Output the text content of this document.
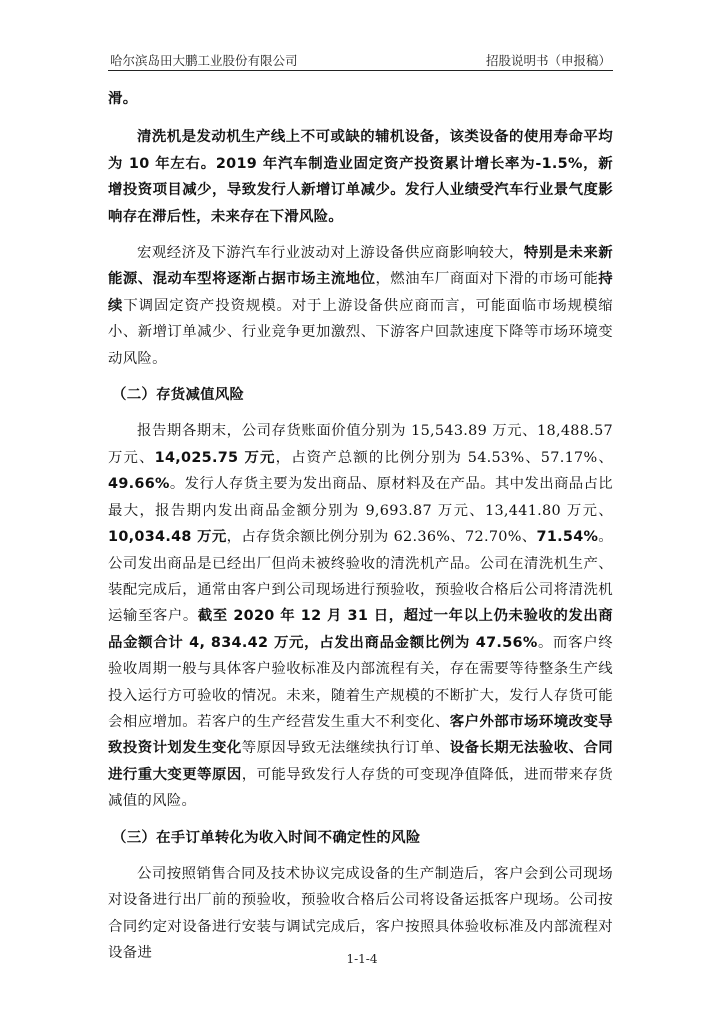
哈尔滨岛田大鹏工业股份有限公司	招股说明书（申报稿）

滑。

清洗机是发动机生产线上不可或缺的辅机设备，该类设备的使用寿命平均为 10 年左右。2019 年汽车制造业固定资产投资累计增长率为-1.5%，新增投资项目减少，导致发行人新增订单减少。发行人业绩受汽车行业景气度影响存在滞后性，未来存在下滑风险。

宏观经济及下游汽车行业波动对上游设备供应商影响较大，特别是未来新能源、混动车型将逐渐占据市场主流地位，燃油车厂商面对下滑的市场可能持续下调固定资产投资规模。对于上游设备供应商而言，可能面临市场规模缩小、新增订单减少、行业竞争更加激烈、下游客户回款速度下降等市场环境变动风险。

（二）存货减值风险

报告期各期末，公司存货账面价值分别为 15,543.89 万元、18,488.57 万元、14,025.75 万元，占资产总额的比例分别为 54.53%、57.17%、49.66%。发行人存货主要为发出商品、原材料及在产品。其中发出商品占比最大，报告期内发出商品金额分别为 9,693.87 万元、13,441.80 万元、10,034.48 万元，占存货余额比例分别为 62.36%、72.70%、71.54%。公司发出商品是已经出厂但尚未被终验收的清洗机产品。公司在清洗机生产、装配完成后，通常由客户到公司现场进行预验收，预验收合格后公司将清洗机运输至客户。截至 2020 年 12 月 31 日，超过一年以上仍未验收的发出商品金额合计 4, 834.42 万元，占发出商品金额比例为 47.56%。而客户终验收周期一般与具体客户验收标准及内部流程有关，存在需要等待整条生产线投入运行方可验收的情况。未来，随着生产规模的不断扩大，发行人存货可能会相应增加。若客户的生产经营发生重大不利变化、客户外部市场环境改变导致投资计划发生变化等原因导致无法继续执行订单、设备长期无法验收、合同进行重大变更等原因，可能导致发行人存货的可变现净值降低，进而带来存货减值的风险。

（三）在手订单转化为收入时间不确定性的风险

公司按照销售合同及技术协议完成设备的生产制造后，客户会到公司现场对设备进行出厂前的预验收，预验收合格后公司将设备运抵客户现场。公司按合同约定对设备进行安装与调试完成后，客户按照具体验收标准及内部流程对设备进	1-1-4
